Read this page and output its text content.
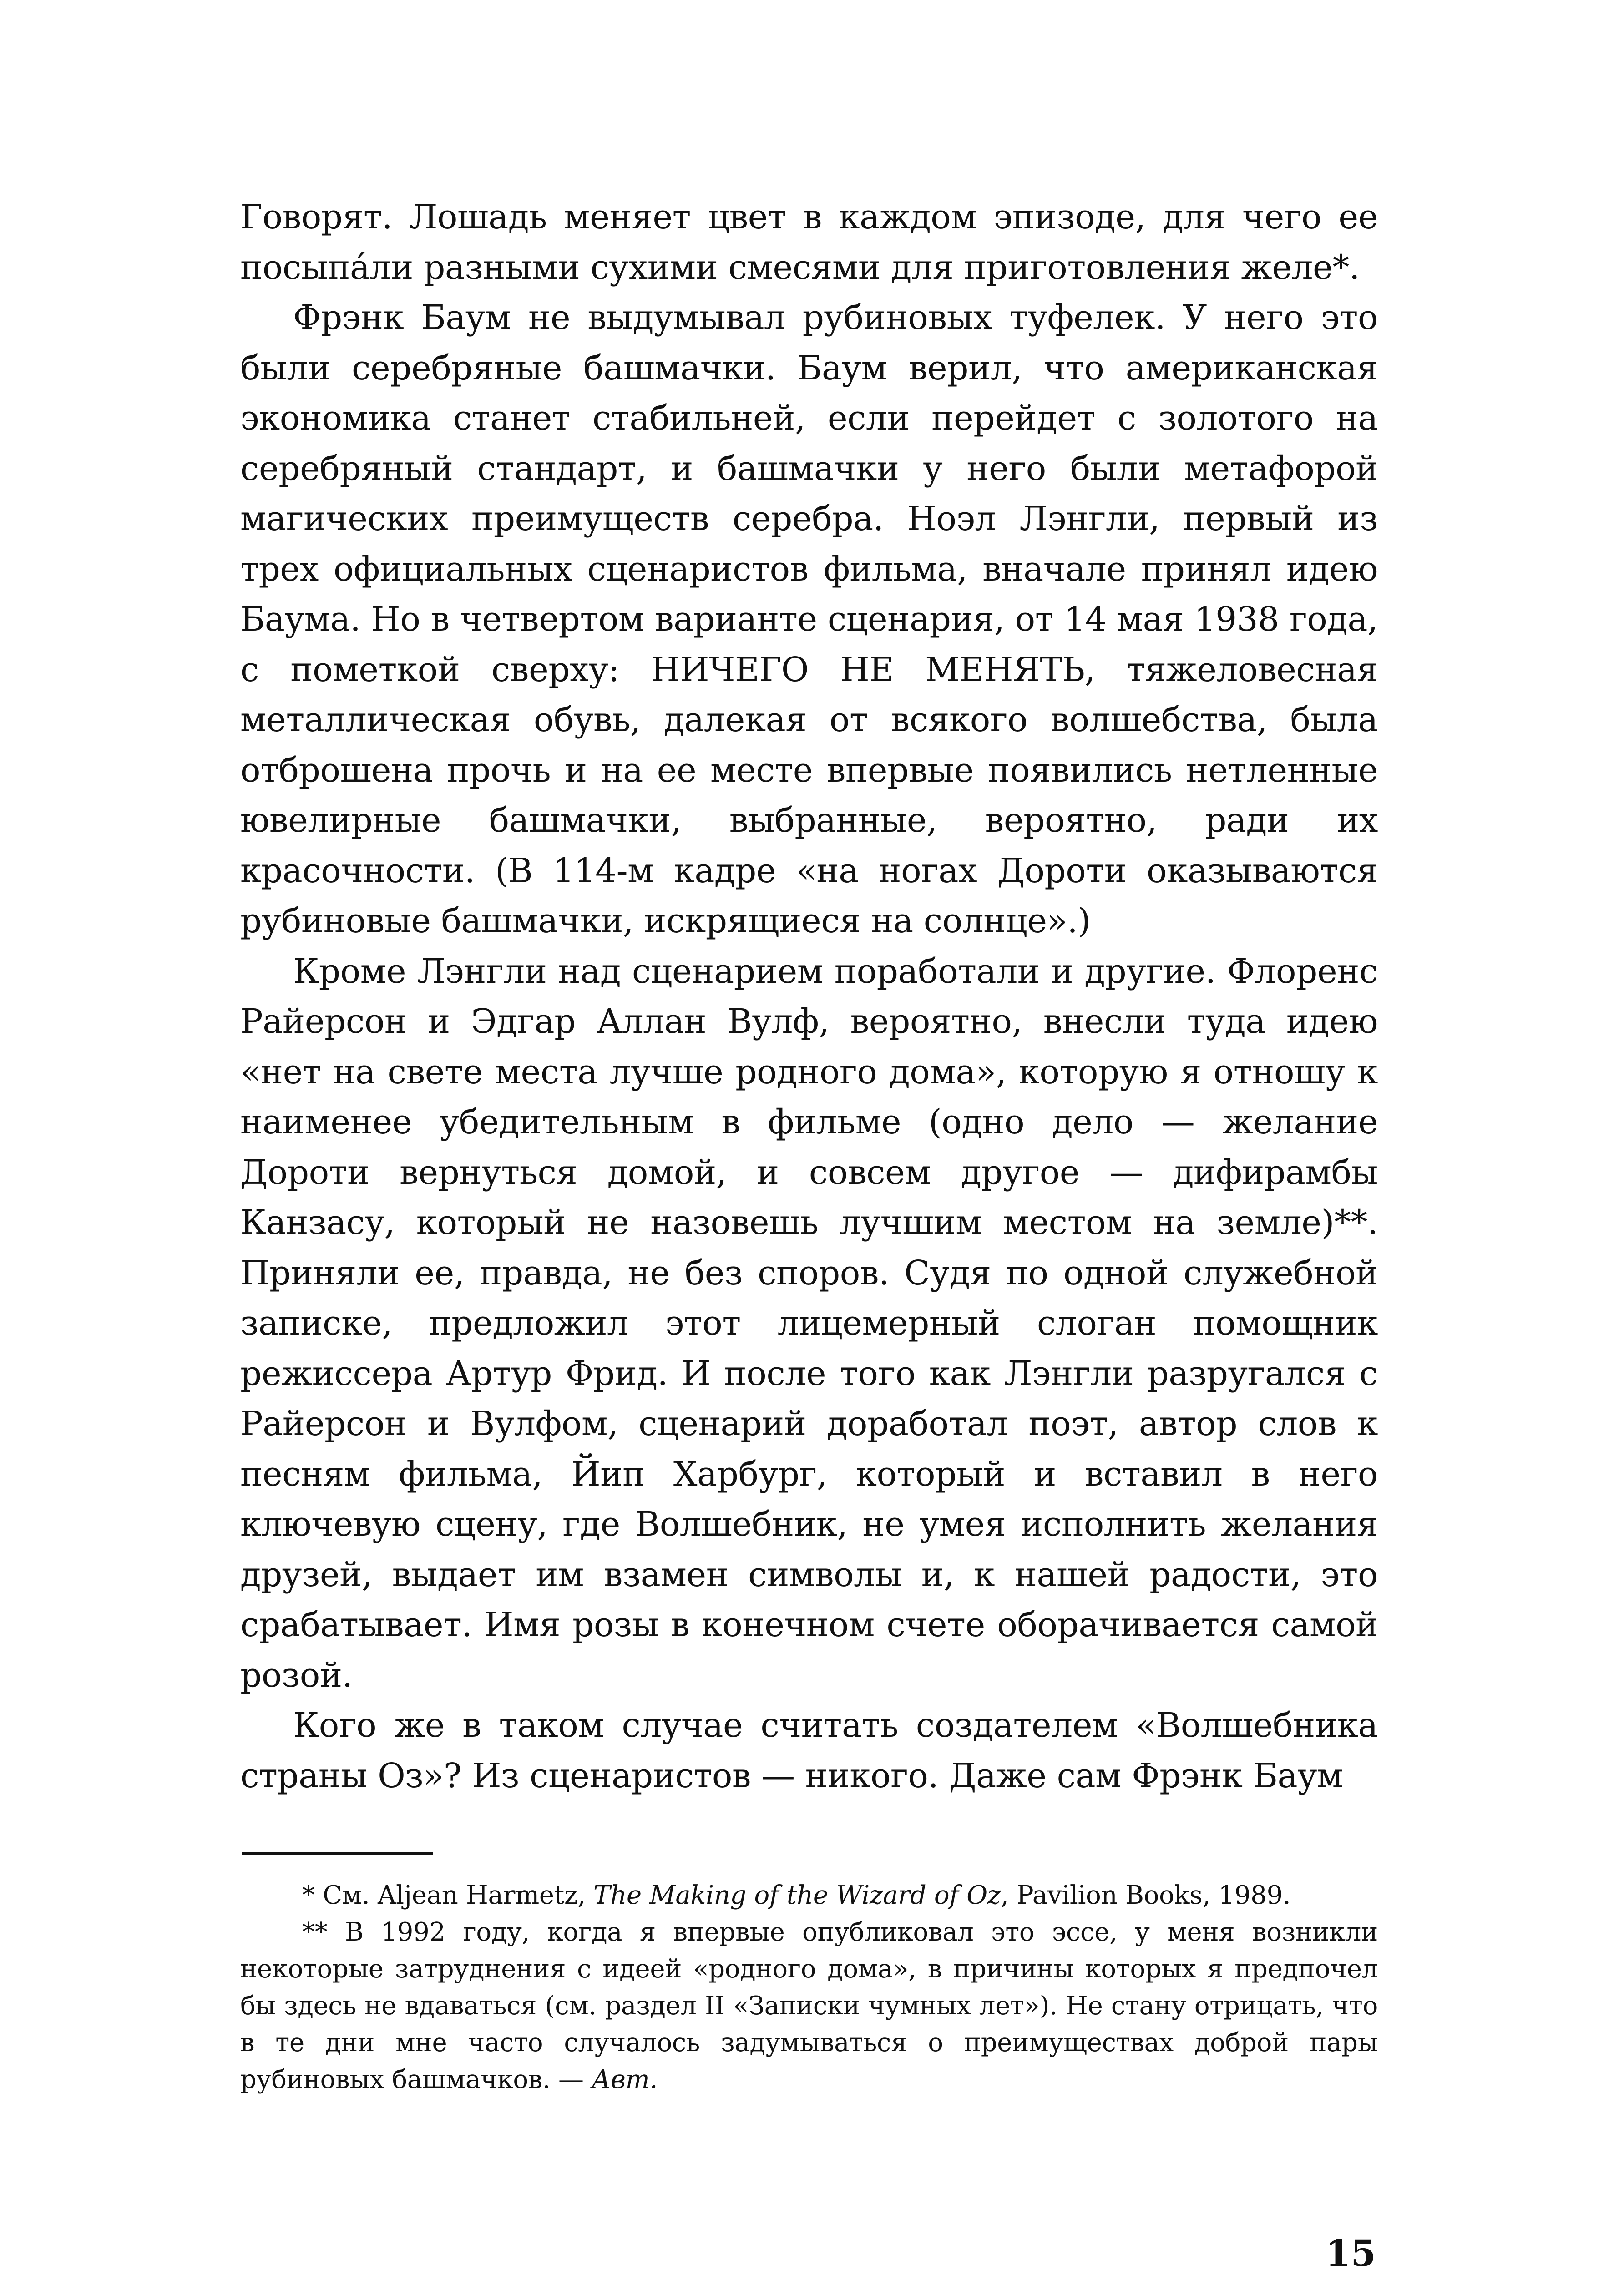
Говорят. Лошадь меняет цвет в каждом эпизоде, для чего ее посыпáли разными сухими смесями для приготовления желе*.

Фрэнк Баум не выдумывал рубиновых туфелек. У него это были серебряные башмачки. Баум верил, что американская экономика станет стабильней, если перейдет с золотого на серебряный стандарт, и башмачки у него были метафорой магических преимуществ серебра. Ноэл Лэнгли, первый из трех официальных сценаристов фильма, вначале принял идею Баума. Но в четвертом варианте сценария, от 14 мая 1938 года, с пометкой сверху: НИЧЕГО НЕ МЕНЯТЬ, тяжеловесная металлическая обувь, далекая от всякого волшебства, была отброшена прочь и на ее месте впервые появились нетленные ювелирные башмачки, выбранные, вероятно, ради их красочности. (В 114-м кадре «на ногах Дороти оказываются рубиновые башмачки, искрящиеся на солнце».)

Кроме Лэнгли над сценарием поработали и другие. Флоренс Райерсон и Эдгар Аллан Вулф, вероятно, внесли туда идею «нет на свете места лучше родного дома», которую я отношу к наименее убедительным в фильме (одно дело — желание Дороти вернуться домой, и совсем другое — дифирамбы Канзасу, который не назовешь лучшим местом на земле)**. Приняли ее, правда, не без споров. Судя по одной служебной записке, предложил этот лицемерный слоган помощник режиссера Артур Фрид. И после того как Лэнгли разругался с Райерсон и Вулфом, сценарий доработал поэт, автор слов к песням фильма, Йип Харбург, который и вставил в него ключевую сцену, где Волшебник, не умея исполнить желания друзей, выдает им взамен символы и, к нашей радости, это срабатывает. Имя розы в конечном счете оборачивается самой розой.

Кого же в таком случае считать создателем «Волшебника страны Оз»? Из сценаристов — никого. Даже сам Фрэнк Баум

* См. Aljean Harmetz, The Making of the Wizard of Oz, Pavilion Books, 1989.

** В 1992 году, когда я впервые опубликовал это эссе, у меня возникли некоторые затруднения с идеей «родного дома», в причины которых я предпочел бы здесь не вдаваться (см. раздел II «Записки чумных лет»). Не стану отрицать, что в те дни мне часто случалось задумываться о преимуществах доброй пары рубиновых башмачков. — Авт.

15
